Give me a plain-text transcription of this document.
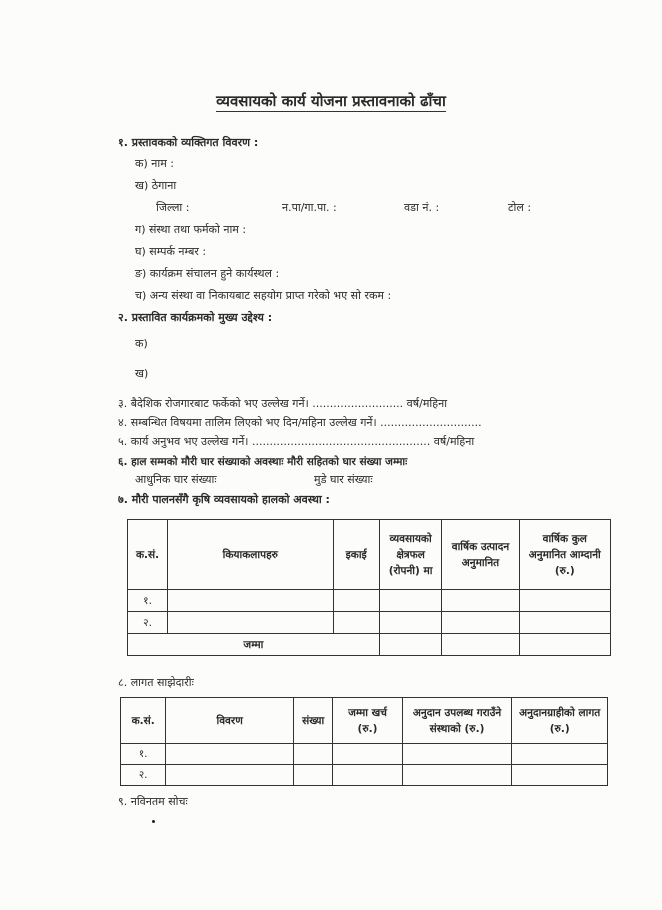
व्यवसायको कार्य योजना प्रस्तावनाको ढाँचा
१. प्रस्तावकको व्यक्तिगत विवरण :
क) नाम :
ख) ठेगाना
जिल्ला :	न.पा/गा.पा. :	वडा नं. :	टोल :
ग) संस्था तथा फर्मको नाम :
घ) सम्पर्क नम्बर :
ङ) कार्यक्रम संचालन हुने कार्यस्थल :
च) अन्य संस्था वा निकायबाट सहयोग प्राप्त गरेको भए सो रकम :
२. प्रस्तावित कार्यक्रमको मुख्य उद्देश्य :
क)
ख)
३. बैदेशिक रोजगारबाट फर्केको भए उल्लेख गर्ने। .......................... वर्ष/महिना
४. सम्बन्धित विषयमा तालिम लिएको भए दिन/महिना उल्लेख गर्ने। .............................
५. कार्य अनुभव भए उल्लेख गर्ने। ................................................... वर्ष/महिना
६. हाल सम्मको मौरी घार संख्याको अवस्थाः मौरी सहितको घार संख्या जम्माः
आधुनिक घार संख्याः	मुडे घार संख्याः
७. मौरी पालनसँगै कृषि व्यवसायको हालको अवस्था :
क.सं.	कियाकलापहरु	इकाई	व्यवसायको क्षेत्रफल (रोपनी) मा	वार्षिक उत्पादन अनुमानित	वार्षिक कुल अनुमानित आम्दानी (रु.)
१.					
२.					
जम्मा					
८. लागत साझेदारीः
क.सं.	विवरण	संख्या	जम्मा खर्च (रु.)	अनुदान उपलब्ध गराउँने संस्थाको (रु.)	अनुदानग्राहीको लागत (रु.)
१.					
२.					
९. नविनतम सोचः
